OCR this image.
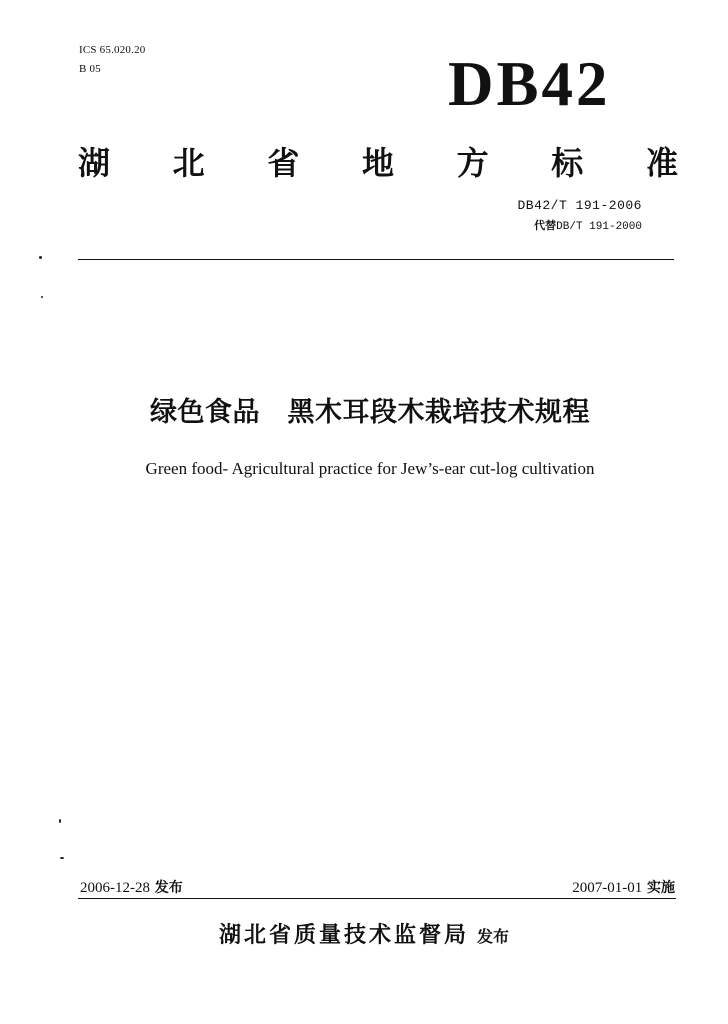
ICS 65.020.20
B 05	DB42
湖 北 省 地 方 标 准
DB42/T 191-2006
代替DB/T 191-2000
绿色食品　黑木耳段木栽培技术规程
Green food- Agricultural practice for Jew’s-ear cut-log cultivation
2006-12-28 发布	2007-01-01 实施
湖北省质量技术监督局 发布
